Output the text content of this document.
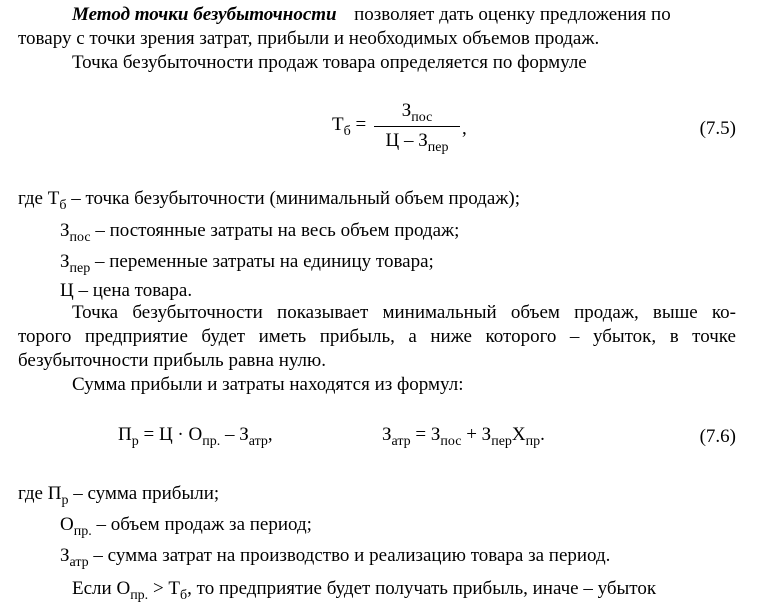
Метод точки безубыточности позволяет дать оценку предложения по
товару с точки зрения затрат, прибыли и необходимых объемов продаж.
Точка безубыточности продаж товара определяется по формуле
$Т_б$ =
$З_{пос}$
Ц – $З_{пер}$
,	(7.5)
где $Т_б$ – точка безубыточности (минимальный объем продаж);
$З_{пос}$ – постоянные затраты на весь объем продаж;
$З_{пер}$ – переменные затраты на единицу товара;
Ц – цена товара.
Точка безубыточности показывает минимальный объем продаж, выше ко-
торого предприятие будет иметь прибыль, а ниже которого – убыток, в точке
безубыточности прибыль равна нулю.
Сумма прибыли и затраты находятся из формул:
$П_р = Ц \cdot О_{пр.} - З_{атр}$,	$З_{атр} = З_{пос} + З_{пер}Х_{пр}$.	(7.6)
где $П_р$ – сумма прибыли;
$О_{пр.}$ – объем продаж за период;
$З_{атр}$ – сумма затрат на производство и реализацию товара за период.
Если $О_{пр.} > Т_б$, то предприятие будет получать прибыль, иначе – убыток
